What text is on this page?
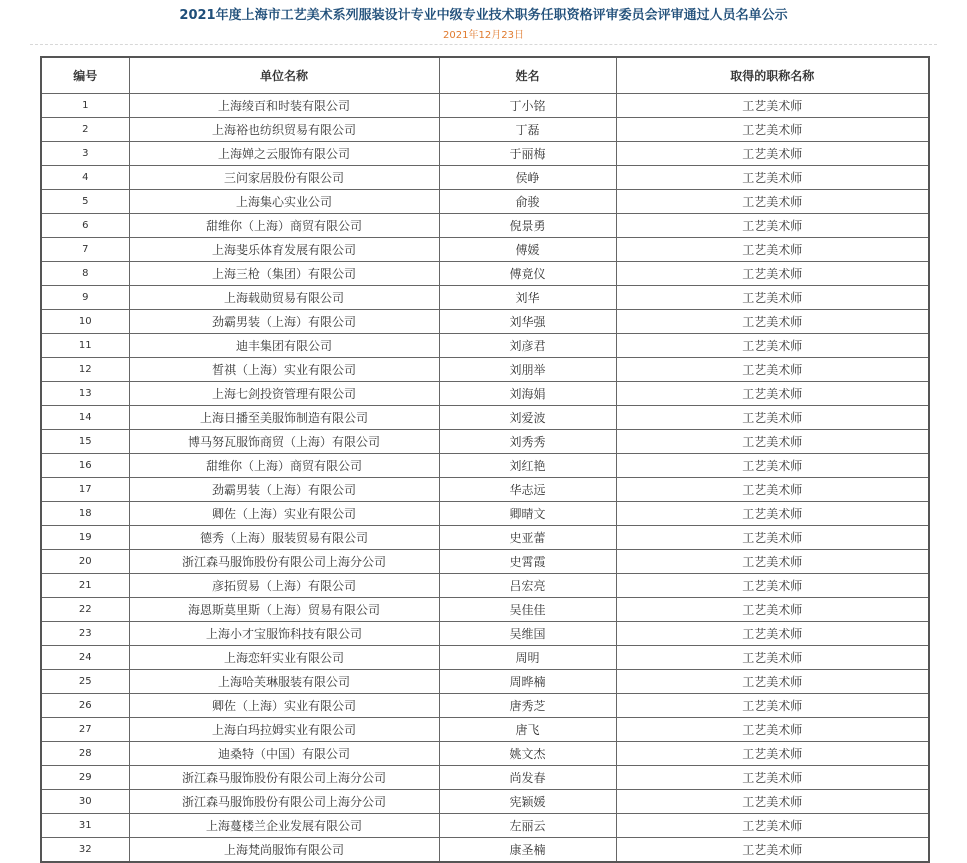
2021年度上海市工艺美术系列服装设计专业中级专业技术职务任职资格评审委员会评审通过人员名单公示
2021年12月23日
编号	单位名称	姓名	取得的职称名称
1	上海绫百和时装有限公司	丁小铭	工艺美术师
2	上海裕也纺织贸易有限公司	丁磊	工艺美术师
3	上海婵之云服饰有限公司	于丽梅	工艺美术师
4	三问家居股份有限公司	侯峥	工艺美术师
5	上海集心实业公司	俞骏	工艺美术师
6	甜维你（上海）商贸有限公司	倪景勇	工艺美术师
7	上海斐乐体育发展有限公司	傅媛	工艺美术师
8	上海三枪（集团）有限公司	傅竟仪	工艺美术师
9	上海载勋贸易有限公司	刘华	工艺美术师
10	劲霸男装（上海）有限公司	刘华强	工艺美术师
11	迪丰集团有限公司	刘彦君	工艺美术师
12	皙祺（上海）实业有限公司	刘朋举	工艺美术师
13	上海七剑投资管理有限公司	刘海娟	工艺美术师
14	上海日播至美服饰制造有限公司	刘爱波	工艺美术师
15	博马努瓦服饰商贸（上海）有限公司	刘秀秀	工艺美术师
16	甜维你（上海）商贸有限公司	刘红艳	工艺美术师
17	劲霸男装（上海）有限公司	华志远	工艺美术师
18	卿佐（上海）实业有限公司	卿晴文	工艺美术师
19	德秀（上海）服装贸易有限公司	史亚蕾	工艺美术师
20	浙江森马服饰股份有限公司上海分公司	史霄霞	工艺美术师
21	彦拓贸易（上海）有限公司	吕宏亮	工艺美术师
22	海恩斯莫里斯（上海）贸易有限公司	吴佳佳	工艺美术师
23	上海小才宝服饰科技有限公司	吴维国	工艺美术师
24	上海恋轩实业有限公司	周明	工艺美术师
25	上海哈芙琳服装有限公司	周晔楠	工艺美术师
26	卿佐（上海）实业有限公司	唐秀芝	工艺美术师
27	上海白玛拉姆实业有限公司	唐飞	工艺美术师
28	迪桑特（中国）有限公司	姚文杰	工艺美术师
29	浙江森马服饰股份有限公司上海分公司	尚发春	工艺美术师
30	浙江森马服饰股份有限公司上海分公司	宪颖媛	工艺美术师
31	上海蔓楼兰企业发展有限公司	左丽云	工艺美术师
32	上海梵尚服饰有限公司	康圣楠	工艺美术师
